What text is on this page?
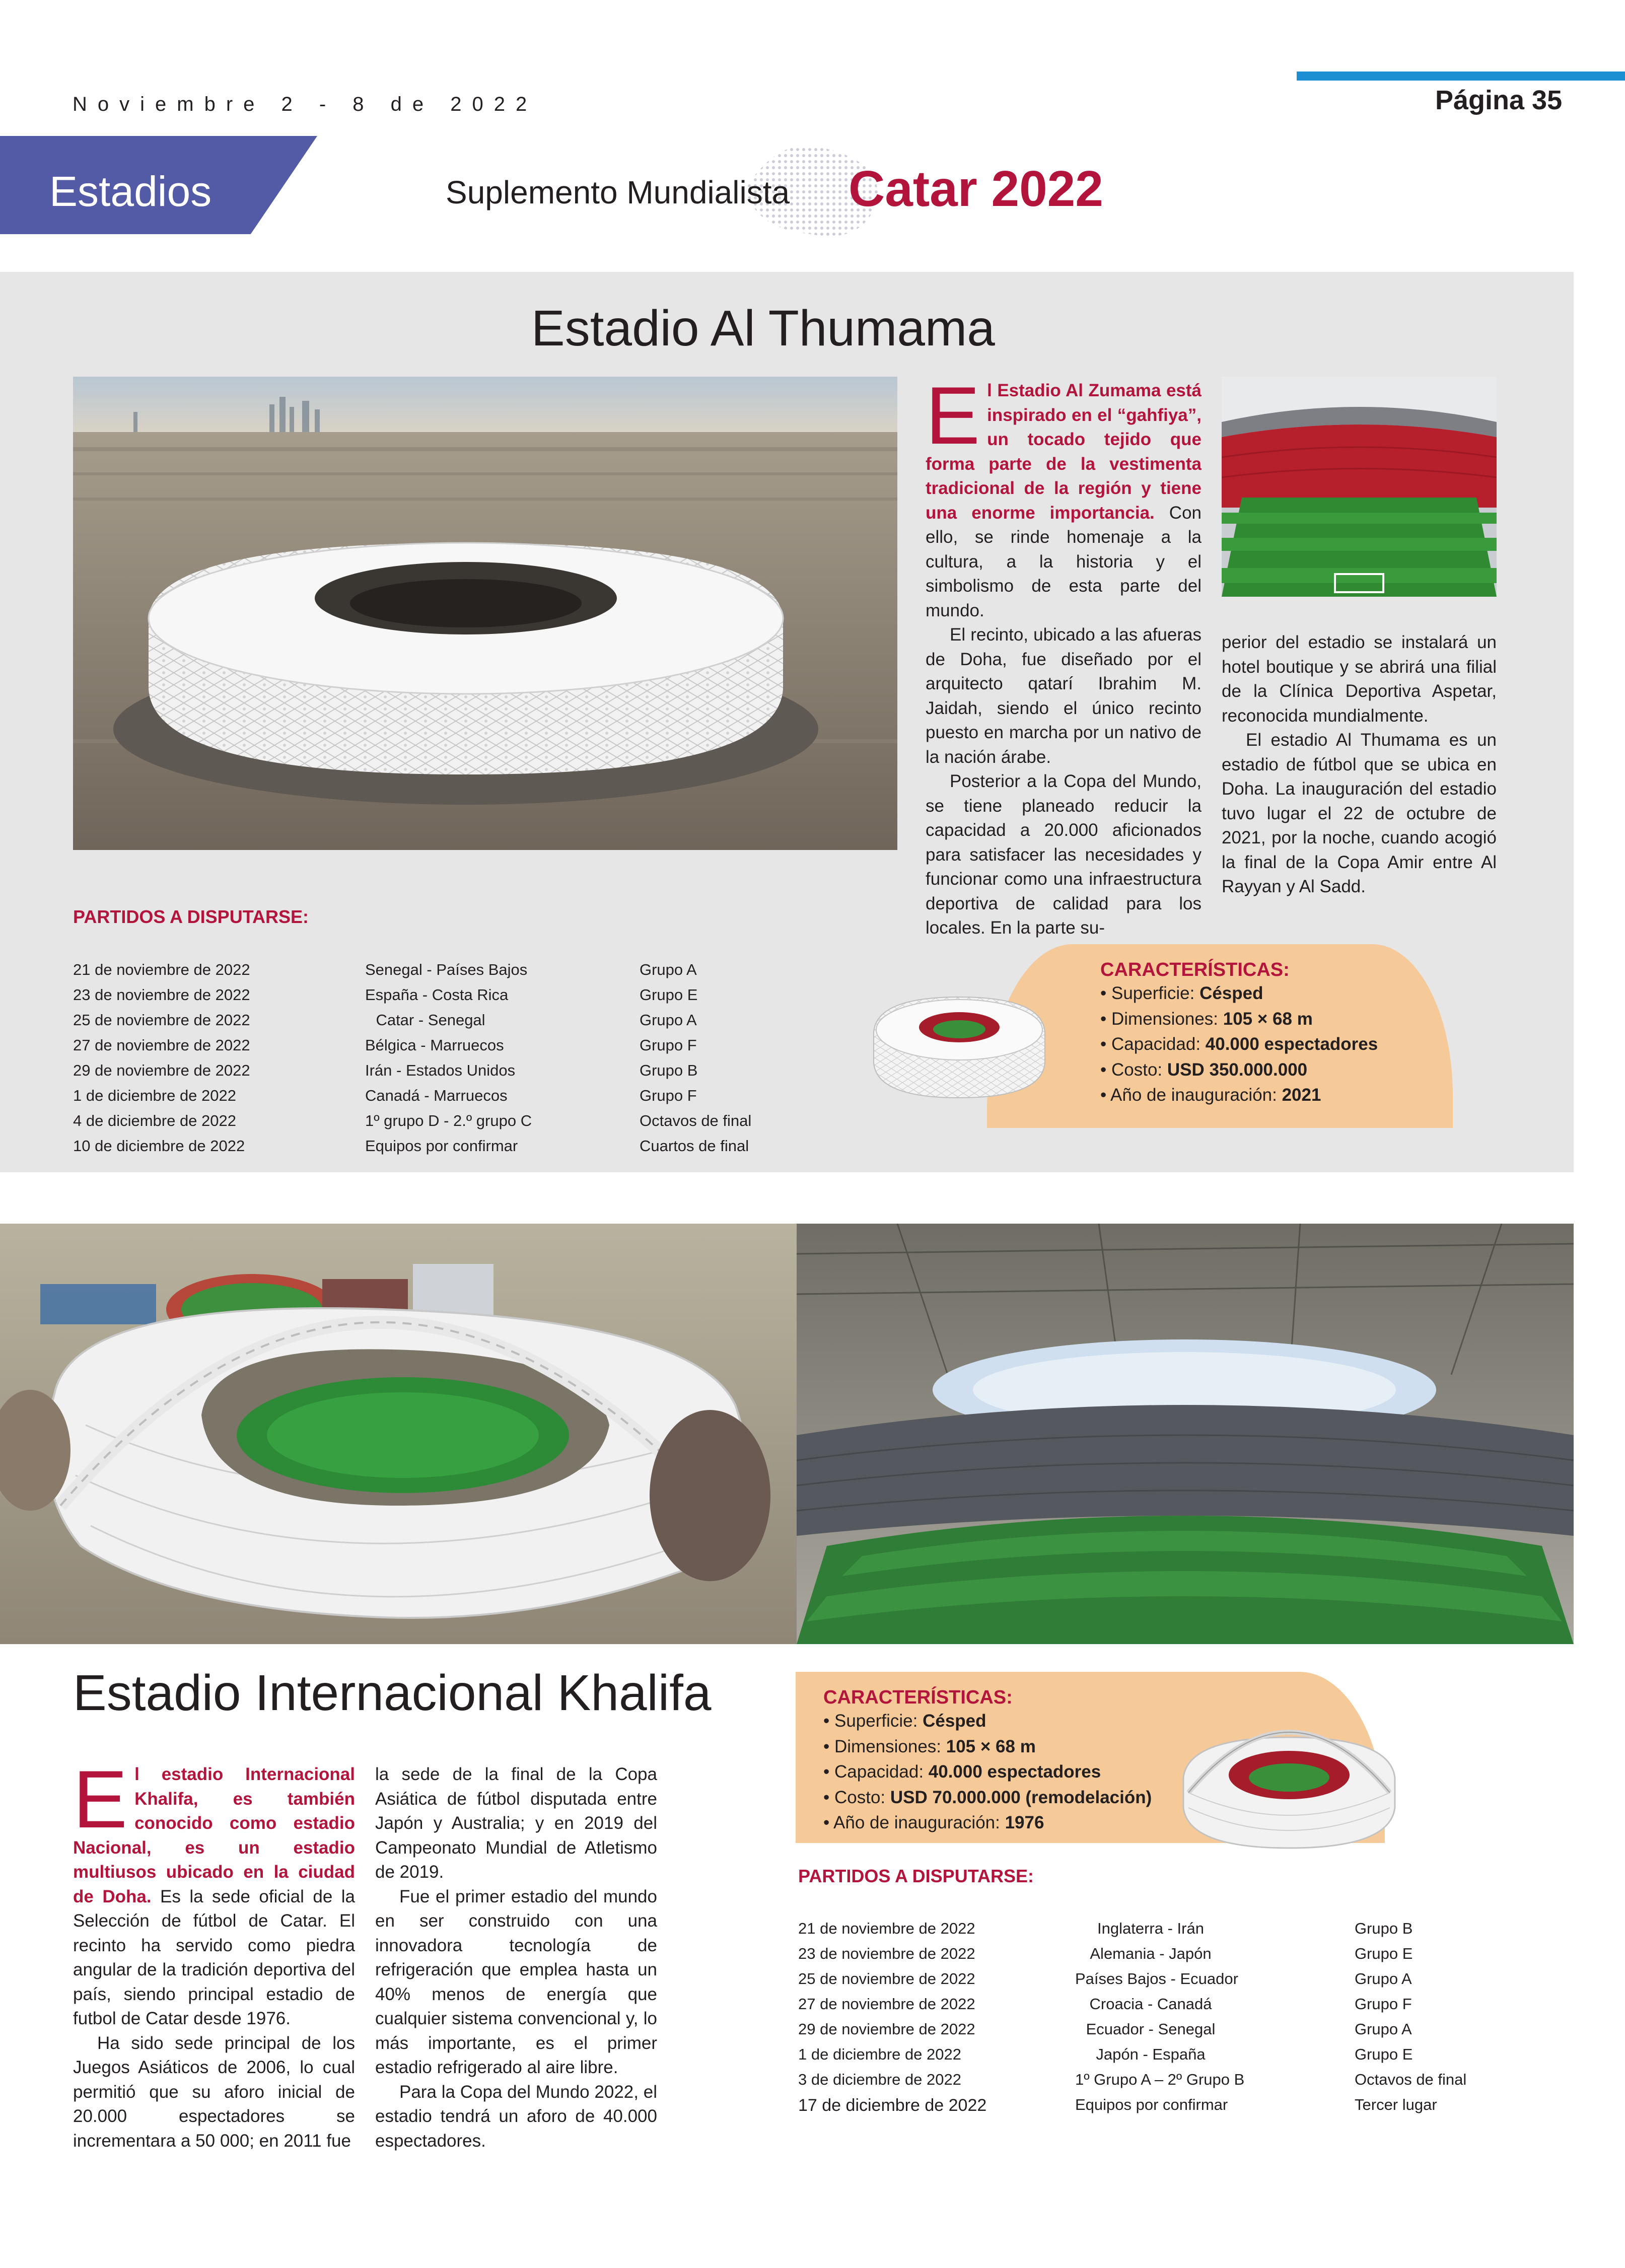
Noviembre 2 - 8 de 2022	Página 35
Estadios	Suplemento Mundialista Catar 2022
Estadio Al Thumama

El Estadio Al Zumama está inspirado en el “gahfiya”, un tocado tejido que forma parte de la vestimenta tradicional de la región y tiene una enorme importancia. Con ello, se rinde homenaje a la cultura, a la historia y el simbolismo de esta parte del mundo.

El recinto, ubicado a las afueras de Doha, fue diseñado por el arquitecto qatarí Ibrahim M. Jaidah, siendo el único recinto puesto en marcha por un nativo de la nación árabe.

Posterior a la Copa del Mundo, se tiene planeado reducir la capacidad a 20.000 aficionados para satisfacer las necesidades y funcionar como una infraestructura deportiva de calidad para los locales. En la parte su-

perior del estadio se instalará un hotel boutique y se abrirá una filial de la Clínica Deportiva Aspetar, reconocida mundialmente.

El estadio Al Thumama es un estadio de fútbol que se ubica en Doha. La inauguración del estadio tuvo lugar el 22 de octubre de 2021, por la noche, cuando acogió la final de la Copa Amir entre Al Rayyan y Al Sadd.

PARTIDOS A DISPUTARSE:
21 de noviembre de 2022	Senegal - Países Bajos	Grupo A
23 de noviembre de 2022	España - Costa Rica	Grupo E
25 de noviembre de 2022	Catar - Senegal	Grupo A
27 de noviembre de 2022	Bélgica - Marruecos	Grupo F
29 de noviembre de 2022	Irán - Estados Unidos	Grupo B
1 de diciembre de 2022	Canadá - Marruecos	Grupo F
4 de diciembre de 2022	1º grupo D - 2.º grupo C	Octavos de final
10 de diciembre de 2022	Equipos por confirmar	Cuartos de final
CARACTERÍSTICAS:
• Superficie: Césped
• Dimensiones: 105 × 68 m
• Capacidad: 40.000 espectadores
• Costo: USD 350.000.000
• Año de inauguración: 2021
Estadio Internacional Khalifa

El estadio Internacional Khalifa, es también conocido como estadio Nacional, es un estadio multiusos ubicado en la ciudad de Doha. Es la sede oficial de la Selección de fútbol de Catar. El recinto ha servido como piedra angular de la tradición deportiva del país, siendo principal estadio de futbol de Catar desde 1976.

Ha sido sede principal de los Juegos Asiáticos de 2006, lo cual permitió que su aforo inicial de 20.000 espectadores se incrementara a 50 000; en 2011 fue

la sede de la final de la Copa Asiática de fútbol disputada entre Japón y Australia; y en 2019 del Campeonato Mundial de Atletismo de 2019.

Fue el primer estadio del mundo en ser construido con una innovadora tecnología de refrigeración que emplea hasta un 40% menos de energía que cualquier sistema convencional y, lo más importante, es el primer estadio refrigerado al aire libre.

Para la Copa del Mundo 2022, el estadio tendrá un aforo de 40.000 espectadores.

CARACTERÍSTICAS:
• Superficie: Césped
• Dimensiones: 105 × 68 m
• Capacidad: 40.000 espectadores
• Costo: USD 70.000.000 (remodelación)
• Año de inauguración: 1976
PARTIDOS A DISPUTARSE:
21 de noviembre de 2022	Inglaterra - Irán	Grupo B
23 de noviembre de 2022	Alemania - Japón	Grupo E
25 de noviembre de 2022	Países Bajos - Ecuador	Grupo A
27 de noviembre de 2022	Croacia - Canadá	Grupo F
29 de noviembre de 2022	Ecuador - Senegal	Grupo A
1 de diciembre de 2022	Japón - España	Grupo E
3 de diciembre de 2022	1º Grupo A – 2º Grupo B	Octavos de final
17 de diciembre de 2022	Equipos por confirmar	Tercer lugar
